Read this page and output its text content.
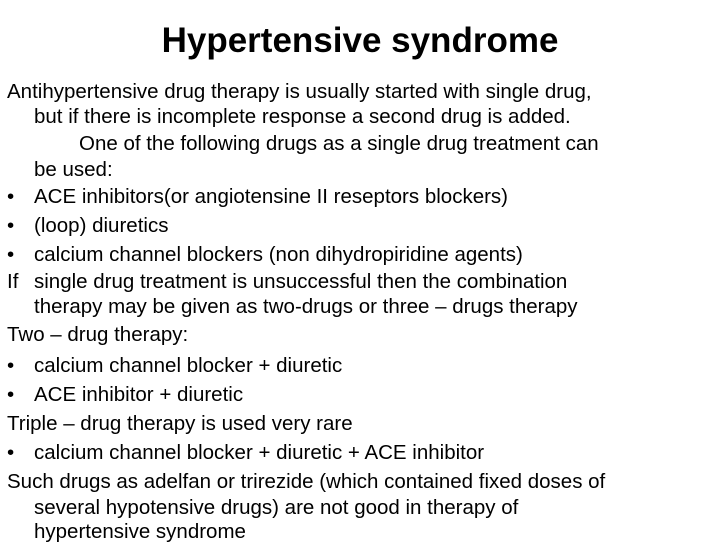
Hypertensive syndrome
Antihypertensive drug therapy is usually started with single drug,
but if there is incomplete response a second drug is added.
One of the following drugs as a single drug treatment can
be used:
• ACE inhibitors(or angiotensine II reseptors blockers)
• (loop) diuretics
• calcium channel blockers (non dihydropiridine agents)
If single drug treatment is unsuccessful then the combination
therapy may be given as two-drugs or three – drugs therapy
Two – drug therapy:
• calcium channel blocker + diuretic
• ACE inhibitor + diuretic
Triple – drug therapy is used very rare
• calcium channel blocker + diuretic + ACE inhibitor
Such drugs as adelfan or trirezide (which contained fixed doses of
several hypotensive drugs) are not good in therapy of
hypertensive syndrome
